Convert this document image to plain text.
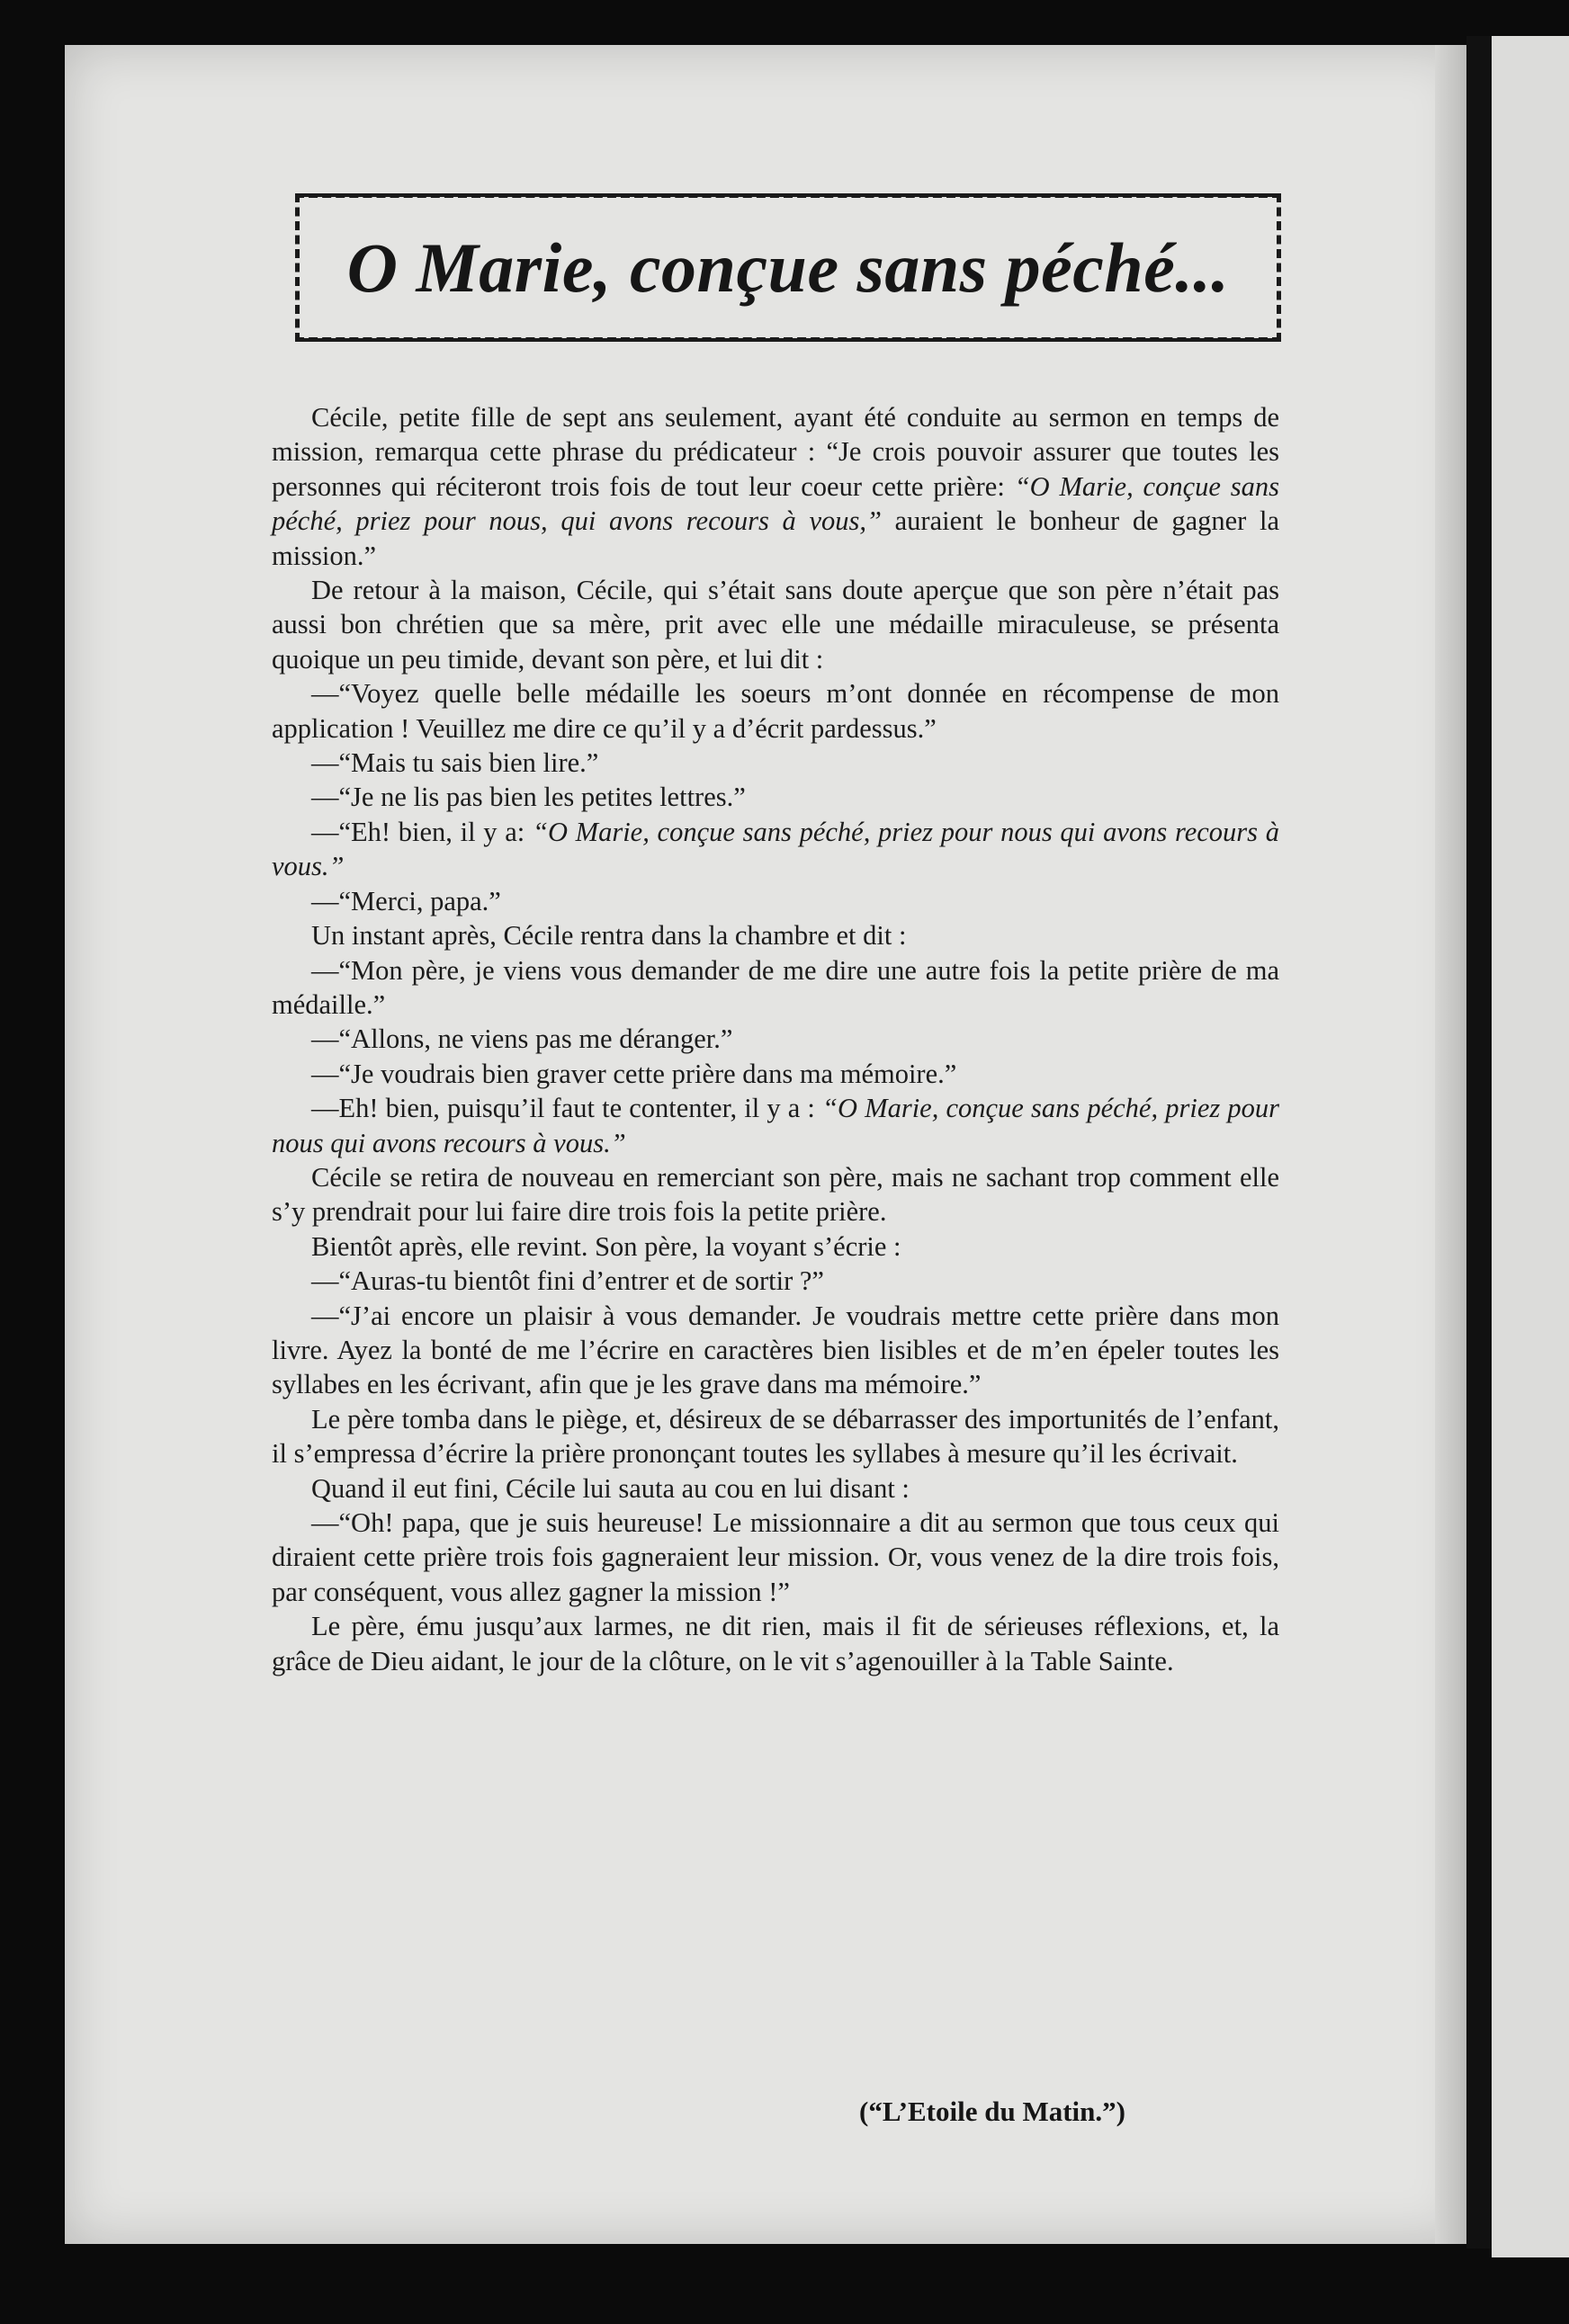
O Marie, conçue sans péché...

Cécile, petite fille de sept ans seulement, ayant été conduite au sermon en temps de mission, remarqua cette phrase du prédicateur : “Je crois pouvoir assurer que toutes les personnes qui réciteront trois fois de tout leur coeur cette prière: “O Marie, conçue sans péché, priez pour nous, qui avons recours à vous,” auraient le bonheur de gagner la mission.”

De retour à la maison, Cécile, qui s’était sans doute aperçue que son père n’était pas aussi bon chrétien que sa mère, prit avec elle une médaille miraculeuse, se présenta quoique un peu timide, devant son père, et lui dit :

—“Voyez quelle belle médaille les soeurs m’ont donnée en récompense de mon application ! Veuillez me dire ce qu’il y a d’écrit pardessus.”

—“Mais tu sais bien lire.”

—“Je ne lis pas bien les petites lettres.”

—“Eh! bien, il y a: “O Marie, conçue sans péché, priez pour nous qui avons recours à vous.”

—“Merci, papa.”

Un instant après, Cécile rentra dans la chambre et dit :

—“Mon père, je viens vous demander de me dire une autre fois la petite prière de ma médaille.”

—“Allons, ne viens pas me déranger.”

—“Je voudrais bien graver cette prière dans ma mémoire.”

—Eh! bien, puisqu’il faut te contenter, il y a : “O Marie, conçue sans péché, priez pour nous qui avons recours à vous.”

Cécile se retira de nouveau en remerciant son père, mais ne sachant trop comment elle s’y prendrait pour lui faire dire trois fois la petite prière.

Bientôt après, elle revint. Son père, la voyant s’écrie :

—“Auras-tu bientôt fini d’entrer et de sortir ?”

—“J’ai encore un plaisir à vous demander. Je voudrais mettre cette prière dans mon livre. Ayez la bonté de me l’écrire en caractères bien lisibles et de m’en épeler toutes les syllabes en les écrivant, afin que je les grave dans ma mémoire.”

Le père tomba dans le piège, et, désireux de se débarrasser des importunités de l’enfant, il s’empressa d’écrire la prière prononçant toutes les syllabes à mesure qu’il les écrivait.

Quand il eut fini, Cécile lui sauta au cou en lui disant :

—“Oh! papa, que je suis heureuse! Le missionnaire a dit au sermon que tous ceux qui diraient cette prière trois fois gagneraient leur mission. Or, vous venez de la dire trois fois, par conséquent, vous allez gagner la mission !”

Le père, ému jusqu’aux larmes, ne dit rien, mais il fit de sérieuses réflexions, et, la grâce de Dieu aidant, le jour de la clôture, on le vit s’agenouiller à la Table Sainte.

(“L’Etoile du Matin.”)
